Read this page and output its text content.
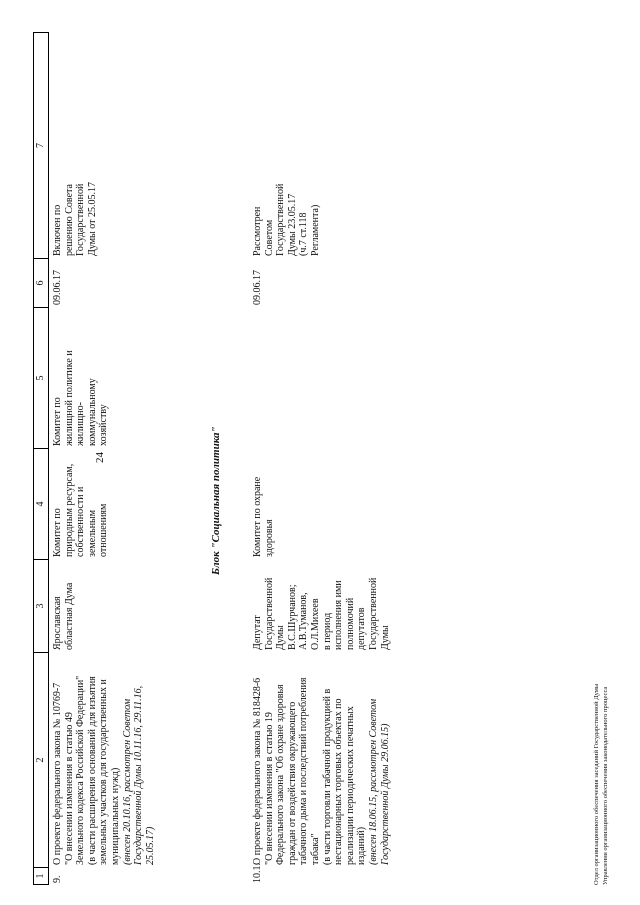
24
1
2
3
4
5
6
7
9.
О проекте федерального закона № 10769-7
"О внесении изменения в статью 49
Земельного кодекса Российской Федерации"
(в части расширения оснований для изъятия
земельных участков для государственных и
муниципальных нужд)
(внесен 20.10.16, рассмотрен Советом
Государственной Думы 10.11.16, 29.11.16,
25.05.17)
Ярославская
областная Дума
Комитет по
природным ресурсам,
собственности и
земельным
отношениям
Комитет по
жилищной политике и
жилищно-
коммунальному
хозяйству
09.06.17
Включен по
решению Совета
Государственной
Думы от 25.05.17
Блок "Социальная политика"
10.1.
О проекте федерального закона № 818428-6
"О внесении изменения в статью 19
Федерального закона "Об охране здоровья
граждан от воздействия окружающего
табачного дыма и последствий потребления
табака"
(в части торговли табачной продукцией в
нестационарных торговых объектах по
реализации периодических печатных
изданий)
(внесен 18.06.15, рассмотрен Советом
Государственной Думы 29.06.15)
Депутат
Государственной
Думы
В.С.Шурчанов;
А.В.Туманов,
О.Л.Михеев
в период
исполнения ими
полномочий
депутатов
Государственной
Думы
Комитет по охране
здоровья
09.06.17
Рассмотрен
Советом
Государственной
Думы 23.05.17
(ч.7 ст.118
Регламента)
Отдел организационного обеспечения заседаний Государственной Думы
Управления организационного обеспечения законодательного процесса
